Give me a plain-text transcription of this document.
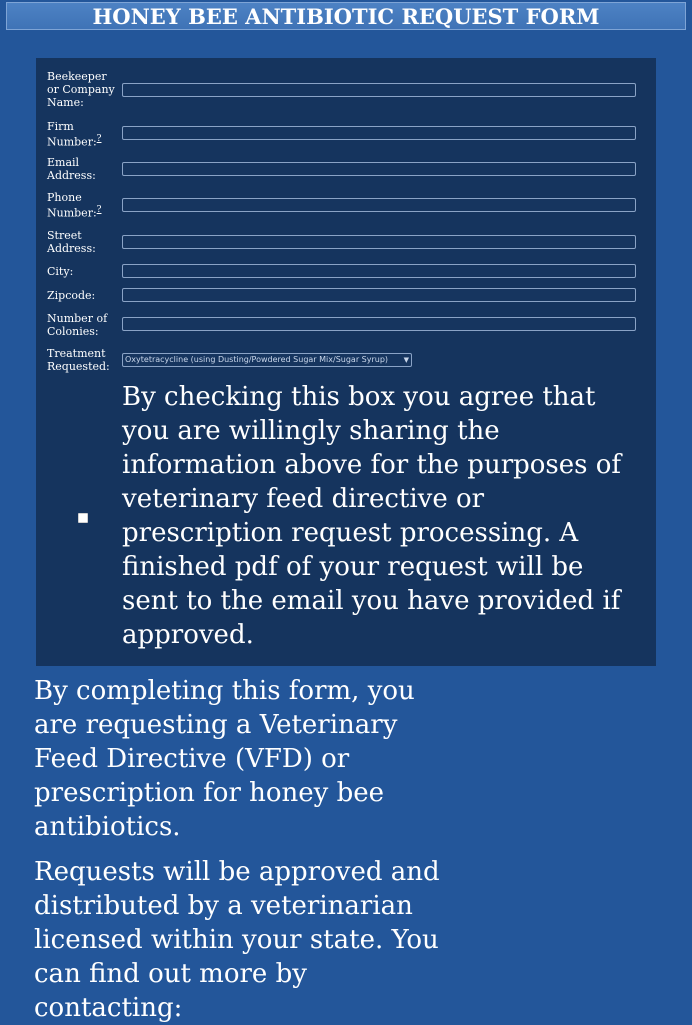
HONEY BEE ANTIBIOTIC REQUEST FORM
Beekeeper or Company Name:
Firm Number:?
Email Address:
Phone Number:?
Street Address:
City:
Zipcode:
Number of Colonies:
Treatment Requested:
Oxytetracycline (using Dusting/Powdered Sugar Mix/Sugar Syrup) ▼
By checking this box you agree that you are willingly sharing the information above for the purposes of veterinary feed directive or prescription request processing. A finished pdf of your request will be sent to the email you have provided if approved.
By completing this form, you are requesting a Veterinary Feed Directive (VFD) or prescription for honey bee antibiotics.
Requests will be approved and distributed by a veterinarian licensed within your state. You can find out more by contacting:
